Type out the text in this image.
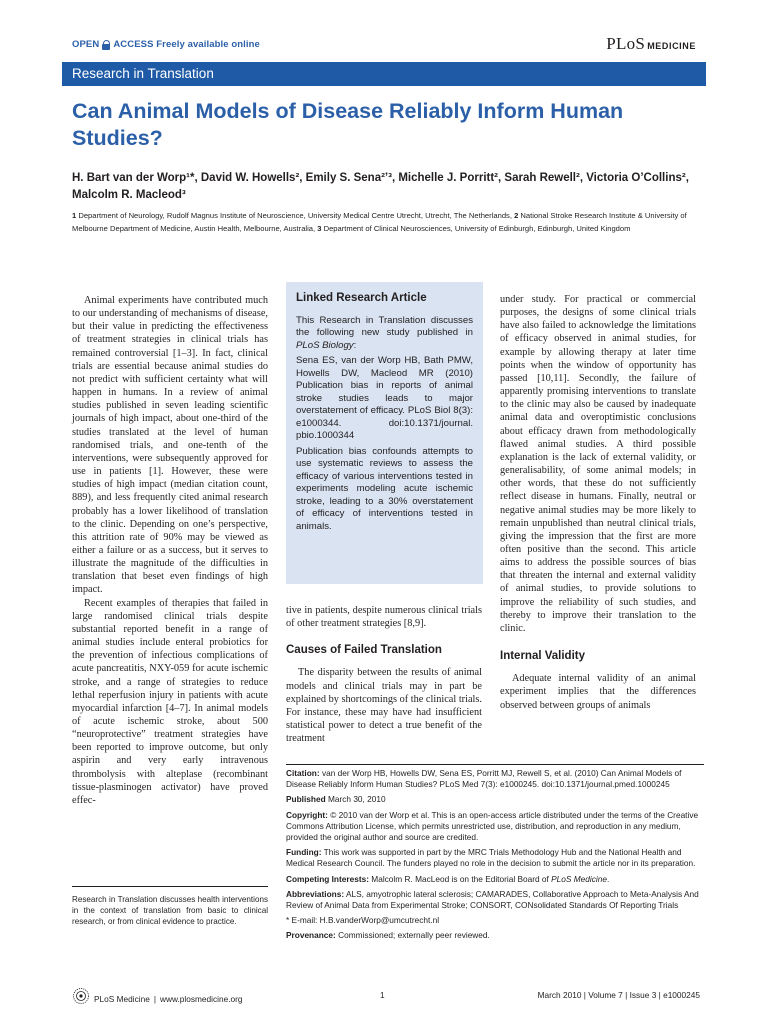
OPEN ACCESS Freely available online	PLoS MEDICINE
Research in Translation
Can Animal Models of Disease Reliably Inform Human Studies?
H. Bart van der Worp¹*, David W. Howells², Emily S. Sena²ʼ³, Michelle J. Porritt², Sarah Rewell², Victoria O’Collins², Malcolm R. Macleod³
1 Department of Neurology, Rudolf Magnus Institute of Neuroscience, University Medical Centre Utrecht, Utrecht, The Netherlands, 2 National Stroke Research Institute & University of Melbourne Department of Medicine, Austin Health, Melbourne, Australia, 3 Department of Clinical Neurosciences, University of Edinburgh, Edinburgh, United Kingdom

Animal experiments have contributed much to our understanding of mechanisms of disease, but their value in predicting the effectiveness of treatment strategies in clinical trials has remained controversial [1–3]. In fact, clinical trials are essential because animal studies do not predict with sufficient certainty what will happen in humans. In a review of animal studies published in seven leading scientific journals of high impact, about one-third of the studies translated at the level of human randomised trials, and one-tenth of the interventions, were subsequently approved for use in patients [1]. However, these were studies of high impact (median citation count, 889), and less frequently cited animal research probably has a lower likelihood of translation to the clinic. Depending on one’s perspective, this attrition rate of 90% may be viewed as either a failure or as a success, but it serves to illustrate the magnitude of the difficulties in translation that beset even findings of high impact.

Recent examples of therapies that failed in large randomised clinical trials despite substantial reported benefit in a range of animal studies include enteral probiotics for the prevention of infectious complications of acute pancreatitis, NXY-059 for acute ischemic stroke, and a range of strategies to reduce lethal reperfusion injury in patients with acute myocardial infarction [4–7]. In animal models of acute ischemic stroke, about 500 “neuroprotective” treatment strategies have been reported to improve outcome, but only aspirin and very early intravenous thrombolysis with alteplase (recombinant tissue-plasminogen activator) have proved effec-

Research in Translation discusses health interventions in the context of translation from basic to clinical research, or from clinical evidence to practice.
Linked Research Article

This Research in Translation discusses the following new study published in PLoS Biology:

Sena ES, van der Worp HB, Bath PMW, Howells DW, Macleod MR (2010) Publication bias in reports of animal stroke studies leads to major overstatement of efficacy. PLoS Biol 8(3): e1000344. doi:10.1371/journal. pbio.1000344

Publication bias confounds attempts to use systematic reviews to assess the efficacy of various interventions tested in experiments modeling acute ischemic stroke, leading to a 30% overstatement of efficacy of interventions tested in animals.

tive in patients, despite numerous clinical trials of other treatment strategies [8,9].

Causes of Failed Translation

The disparity between the results of animal models and clinical trials may in part be explained by shortcomings of the clinical trials. For instance, these may have had insufficient statistical power to detect a true benefit of the treatment

under study. For practical or commercial purposes, the designs of some clinical trials have also failed to acknowledge the limitations of efficacy observed in animal studies, for example by allowing therapy at later time points when the window of opportunity has passed [10,11]. Secondly, the failure of apparently promising interventions to translate to the clinic may also be caused by inadequate animal data and overoptimistic conclusions about efficacy drawn from methodologically flawed animal studies. A third possible explanation is the lack of external validity, or generalisability, of some animal models; in other words, that these do not sufficiently reflect disease in humans. Finally, neutral or negative animal studies may be more likely to remain unpublished than neutral clinical trials, giving the impression that the first are more often positive than the second. This article aims to address the possible sources of bias that threaten the internal and external validity of animal studies, to provide solutions to improve the reliability of such studies, and thereby to improve their translation to the clinic.

Internal Validity

Adequate internal validity of an animal experiment implies that the differences observed between groups of animals

Citation: van der Worp HB, Howells DW, Sena ES, Porritt MJ, Rewell S, et al. (2010) Can Animal Models of Disease Reliably Inform Human Studies? PLoS Med 7(3): e1000245. doi:10.1371/journal.pmed.1000245

Published March 30, 2010

Copyright: © 2010 van der Worp et al. This is an open-access article distributed under the terms of the Creative Commons Attribution License, which permits unrestricted use, distribution, and reproduction in any medium, provided the original author and source are credited.

Funding: This work was supported in part by the MRC Trials Methodology Hub and the National Health and Medical Research Council. The funders played no role in the decision to submit the article nor in its preparation.

Competing Interests: Malcolm R. MacLeod is on the Editorial Board of PLoS Medicine.

Abbreviations: ALS, amyotrophic lateral sclerosis; CAMARADES, Collaborative Approach to Meta-Analysis And Review of Animal Data from Experimental Stroke; CONSORT, CONsolidated Standards Of Reporting Trials

* E-mail: H.B.vanderWorp@umcutrecht.nl

Provenance: Commissioned; externally peer reviewed.

PLoS Medicine | www.plosmedicine.org	1	March 2010 | Volume 7 | Issue 3 | e1000245
